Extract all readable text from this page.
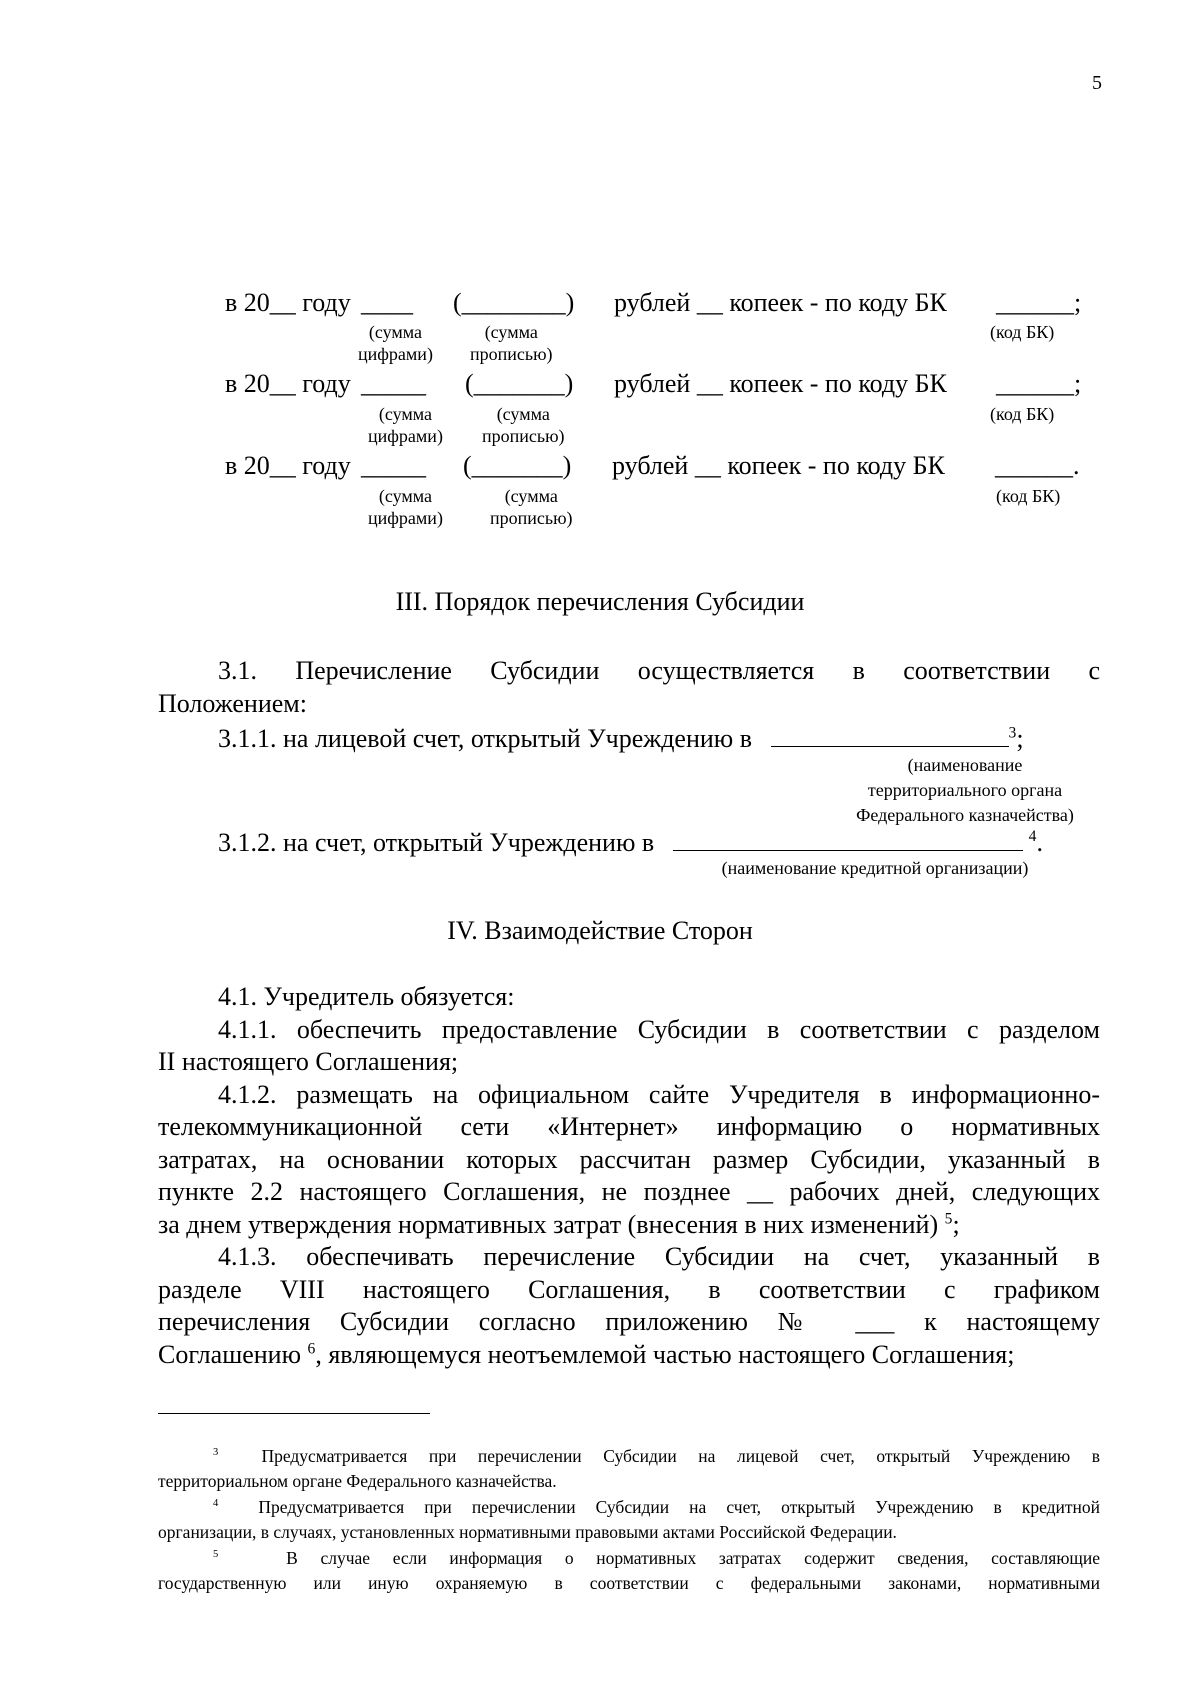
5
в 20__ году ____ (________) рублей __ копеек - по коду БК ______;
(сумма
цифрами)
(сумма
прописью)
(код БК)
в 20__ году _____ (_______) рублей __ копеек - по коду БК ______;
(сумма
цифрами)
(сумма
прописью)
(код БК)
в 20__ году _____ (_______) рублей __ копеек - по коду БК ______.
(сумма
цифрами)
(сумма
прописью)
(код БК)
III. Порядок перечисления Субсидии
3.1. Перечисление Субсидии осуществляется в соответствии с
Положением:
3.1.1. на лицевой счет, открытый Учреждению в	$^3$;
(наименование
территориального органа
Федерального казначейства)
3.1.2. на счет, открытый Учреждению в	$^4$.
(наименование кредитной организации)
IV. Взаимодействие Сторон
4.1. Учредитель обязуется:
4.1.1. обеспечить предоставление Субсидии в соответствии с разделом
II настоящего Соглашения;
4.1.2. размещать на официальном сайте Учредителя в информационно-
телекоммуникационной сети «Интернет» информацию о нормативных
затратах, на основании которых рассчитан размер Субсидии, указанный в
пункте 2.2 настоящего Соглашения, не позднее __ рабочих дней, следующих
за днем утверждения нормативных затрат (внесения в них изменений) $^5$;
4.1.3. обеспечивать перечисление Субсидии на счет, указанный в
разделе VIII настоящего Соглашения, в соответствии с графиком
перечисления Субсидии согласно приложению № ___ к настоящему
Соглашению $^6$, являющемуся неотъемлемой частью настоящего Соглашения;
$^3$ Предусматривается при перечислении Субсидии на лицевой счет, открытый Учреждению в
территориальном органе Федерального казначейства.
$^4$ Предусматривается при перечислении Субсидии на счет, открытый Учреждению в кредитной
организации, в случаях, установленных нормативными правовыми актами Российской Федерации.
$^5$	В случае если информация о нормативных затратах содержит сведения, составляющие
государственную или иную охраняемую в соответствии с федеральными законами, нормативными
